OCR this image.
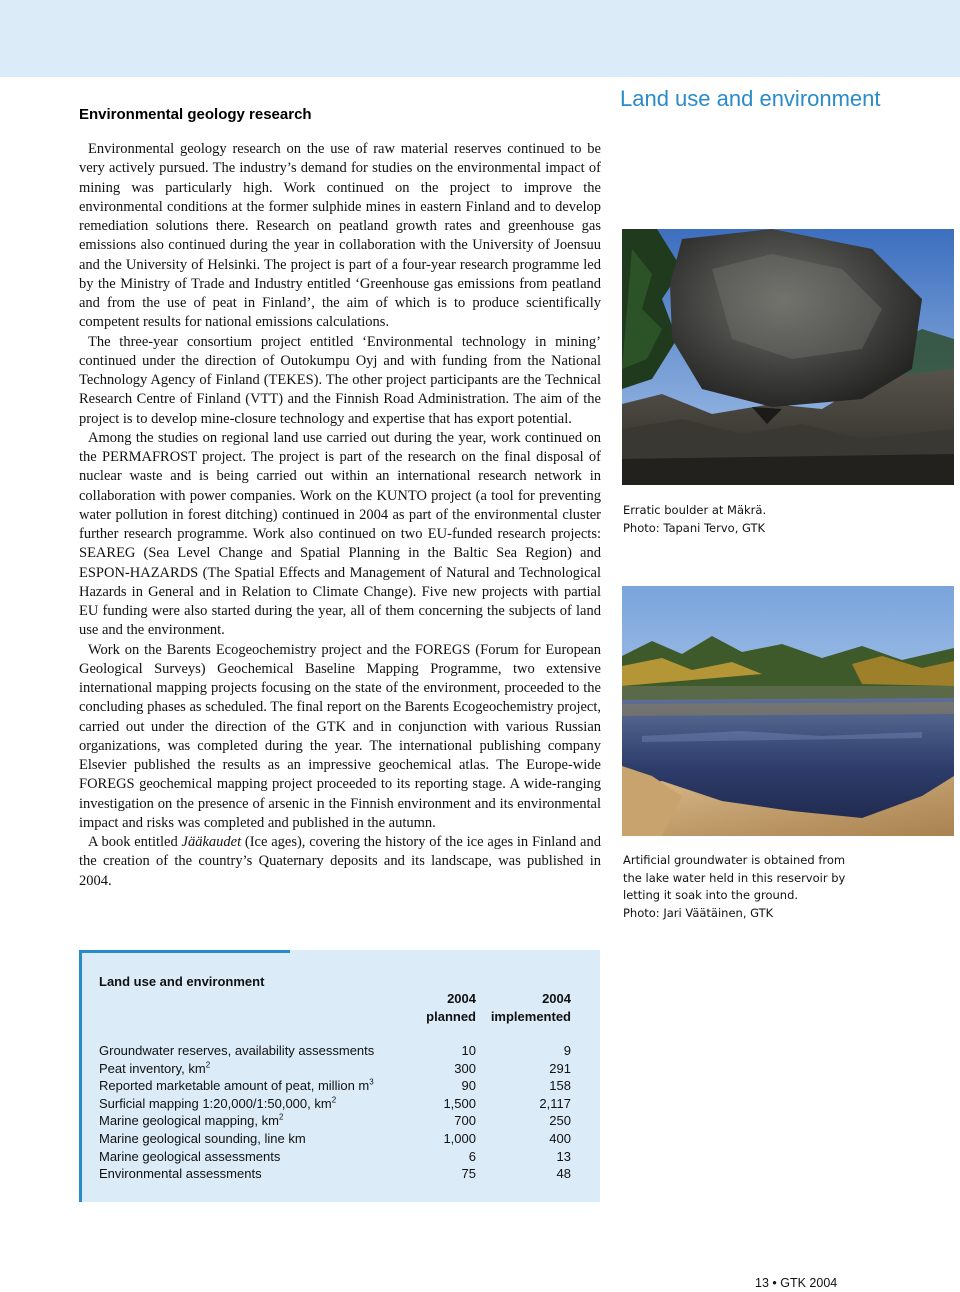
Land use and environment
Environmental geology research

Environmental geology research on the use of raw material reserves continued to be very actively pursued. The industry’s demand for studies on the environmental impact of mining was particularly high. Work continued on the project to improve the environmental conditions at the former sulphide mines in eastern Finland and to develop remediation solutions there. Research on peatland growth rates and greenhouse gas emissions also continued during the year in collaboration with the University of Joensuu and the University of Helsinki. The project is part of a four-year research programme led by the Ministry of Trade and Industry entitled ‘Greenhouse gas emissions from peatland and from the use of peat in Finland’, the aim of which is to produce scientifically competent results for national emissions calculations.

The three-year consortium project entitled ‘Environmental technology in mining’ continued under the direction of Outokumpu Oyj and with funding from the National Technology Agency of Finland (TEKES). The other project participants are the Technical Research Centre of Finland (VTT) and the Finnish Road Administration. The aim of the project is to develop mine-closure technology and expertise that has export potential.

Among the studies on regional land use carried out during the year, work continued on the PERMAFROST project. The project is part of the research on the final disposal of nuclear waste and is being carried out within an international research network in collaboration with power companies. Work on the KUNTO project (a tool for preventing water pollution in forest ditching) continued in 2004 as part of the environmental cluster further research programme. Work also continued on two EU-funded research projects: SEAREG (Sea Level Change and Spatial Planning in the Baltic Sea Region) and ESPON-HAZARDS (The Spatial Effects and Management of Natural and Technological Hazards in General and in Relation to Climate Change). Five new projects with partial EU funding were also started during the year, all of them concerning the subjects of land use and the environment.

Work on the Barents Ecogeochemistry project and the FOREGS (Forum for European Geological Surveys) Geochemical Baseline Mapping Programme, two extensive international mapping projects focusing on the state of the environment, proceeded to the concluding phases as scheduled. The final report on the Barents Ecogeochemistry project, carried out under the direction of the GTK and in conjunction with various Russian organizations, was completed during the year. The international publishing company Elsevier published the results as an impressive geochemical atlas. The Europe-wide FOREGS geochemical mapping project proceeded to its reporting stage. A wide-ranging investigation on the presence of arsenic in the Finnish environment and its environmental impact and risks was completed and published in the autumn.

A book entitled Jääkaudet (Ice ages), covering the history of the ice ages in Finland and the creation of the country’s Quaternary deposits and its landscape, was published in 2004.

Erratic boulder at Mäkrä.
Photo: Tapani Tervo, GTK
Artificial groundwater is obtained from the lake water held in this reservoir by letting it soak into the ground.
Photo: Jari Väätäinen, GTK
Land use and environment
2004
planned
2004
implemented
Groundwater reserves, availability assessments	10	9
Peat inventory, $km^2$	300	291
Reported marketable amount of peat, million $m^3$	90	158
Surficial mapping 1:20,000/1:50,000, $km^2$	1,500	2,117
Marine geological mapping, $km^2$	700	250
Marine geological sounding, line km	1,000	400
Marine geological assessments	6	13
Environmental assessments	75	48
13 • GTK 2004
